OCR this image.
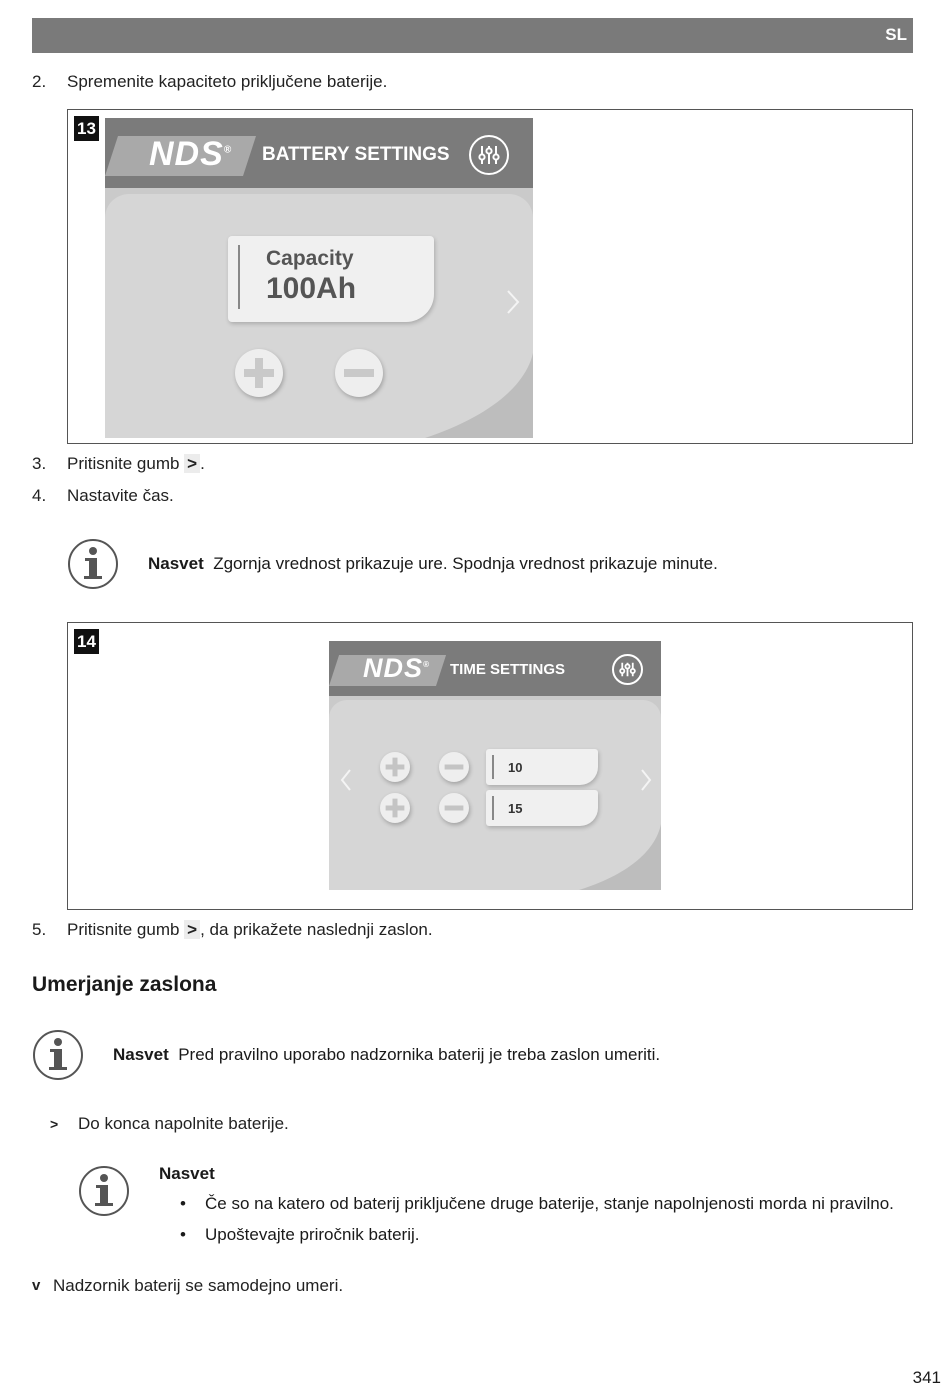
SL
2. Spremenite kapaciteto priključene baterije.
13
NDS® BATTERY SETTINGS
Capacity
100Ah
3. Pritisnite gumb > .
4. Nastavite čas.
Nasvet Zgornja vrednost prikazuje ure. Spodnja vrednost prikazuje minute.
14
NDS® TIME SETTINGS
10
15
5. Pritisnite gumb > , da prikažete naslednji zaslon.
Umerjanje zaslona
Nasvet Pred pravilno uporabo nadzornika baterij je treba zaslon umeriti.
> Do konca napolnite baterije.
Nasvet
• Če so na katero od baterij priključene druge baterije, stanje napolnjenosti morda ni pravilno.
• Upoštevajte priročnik baterij.
v Nadzornik baterij se samodejno umeri.
341
